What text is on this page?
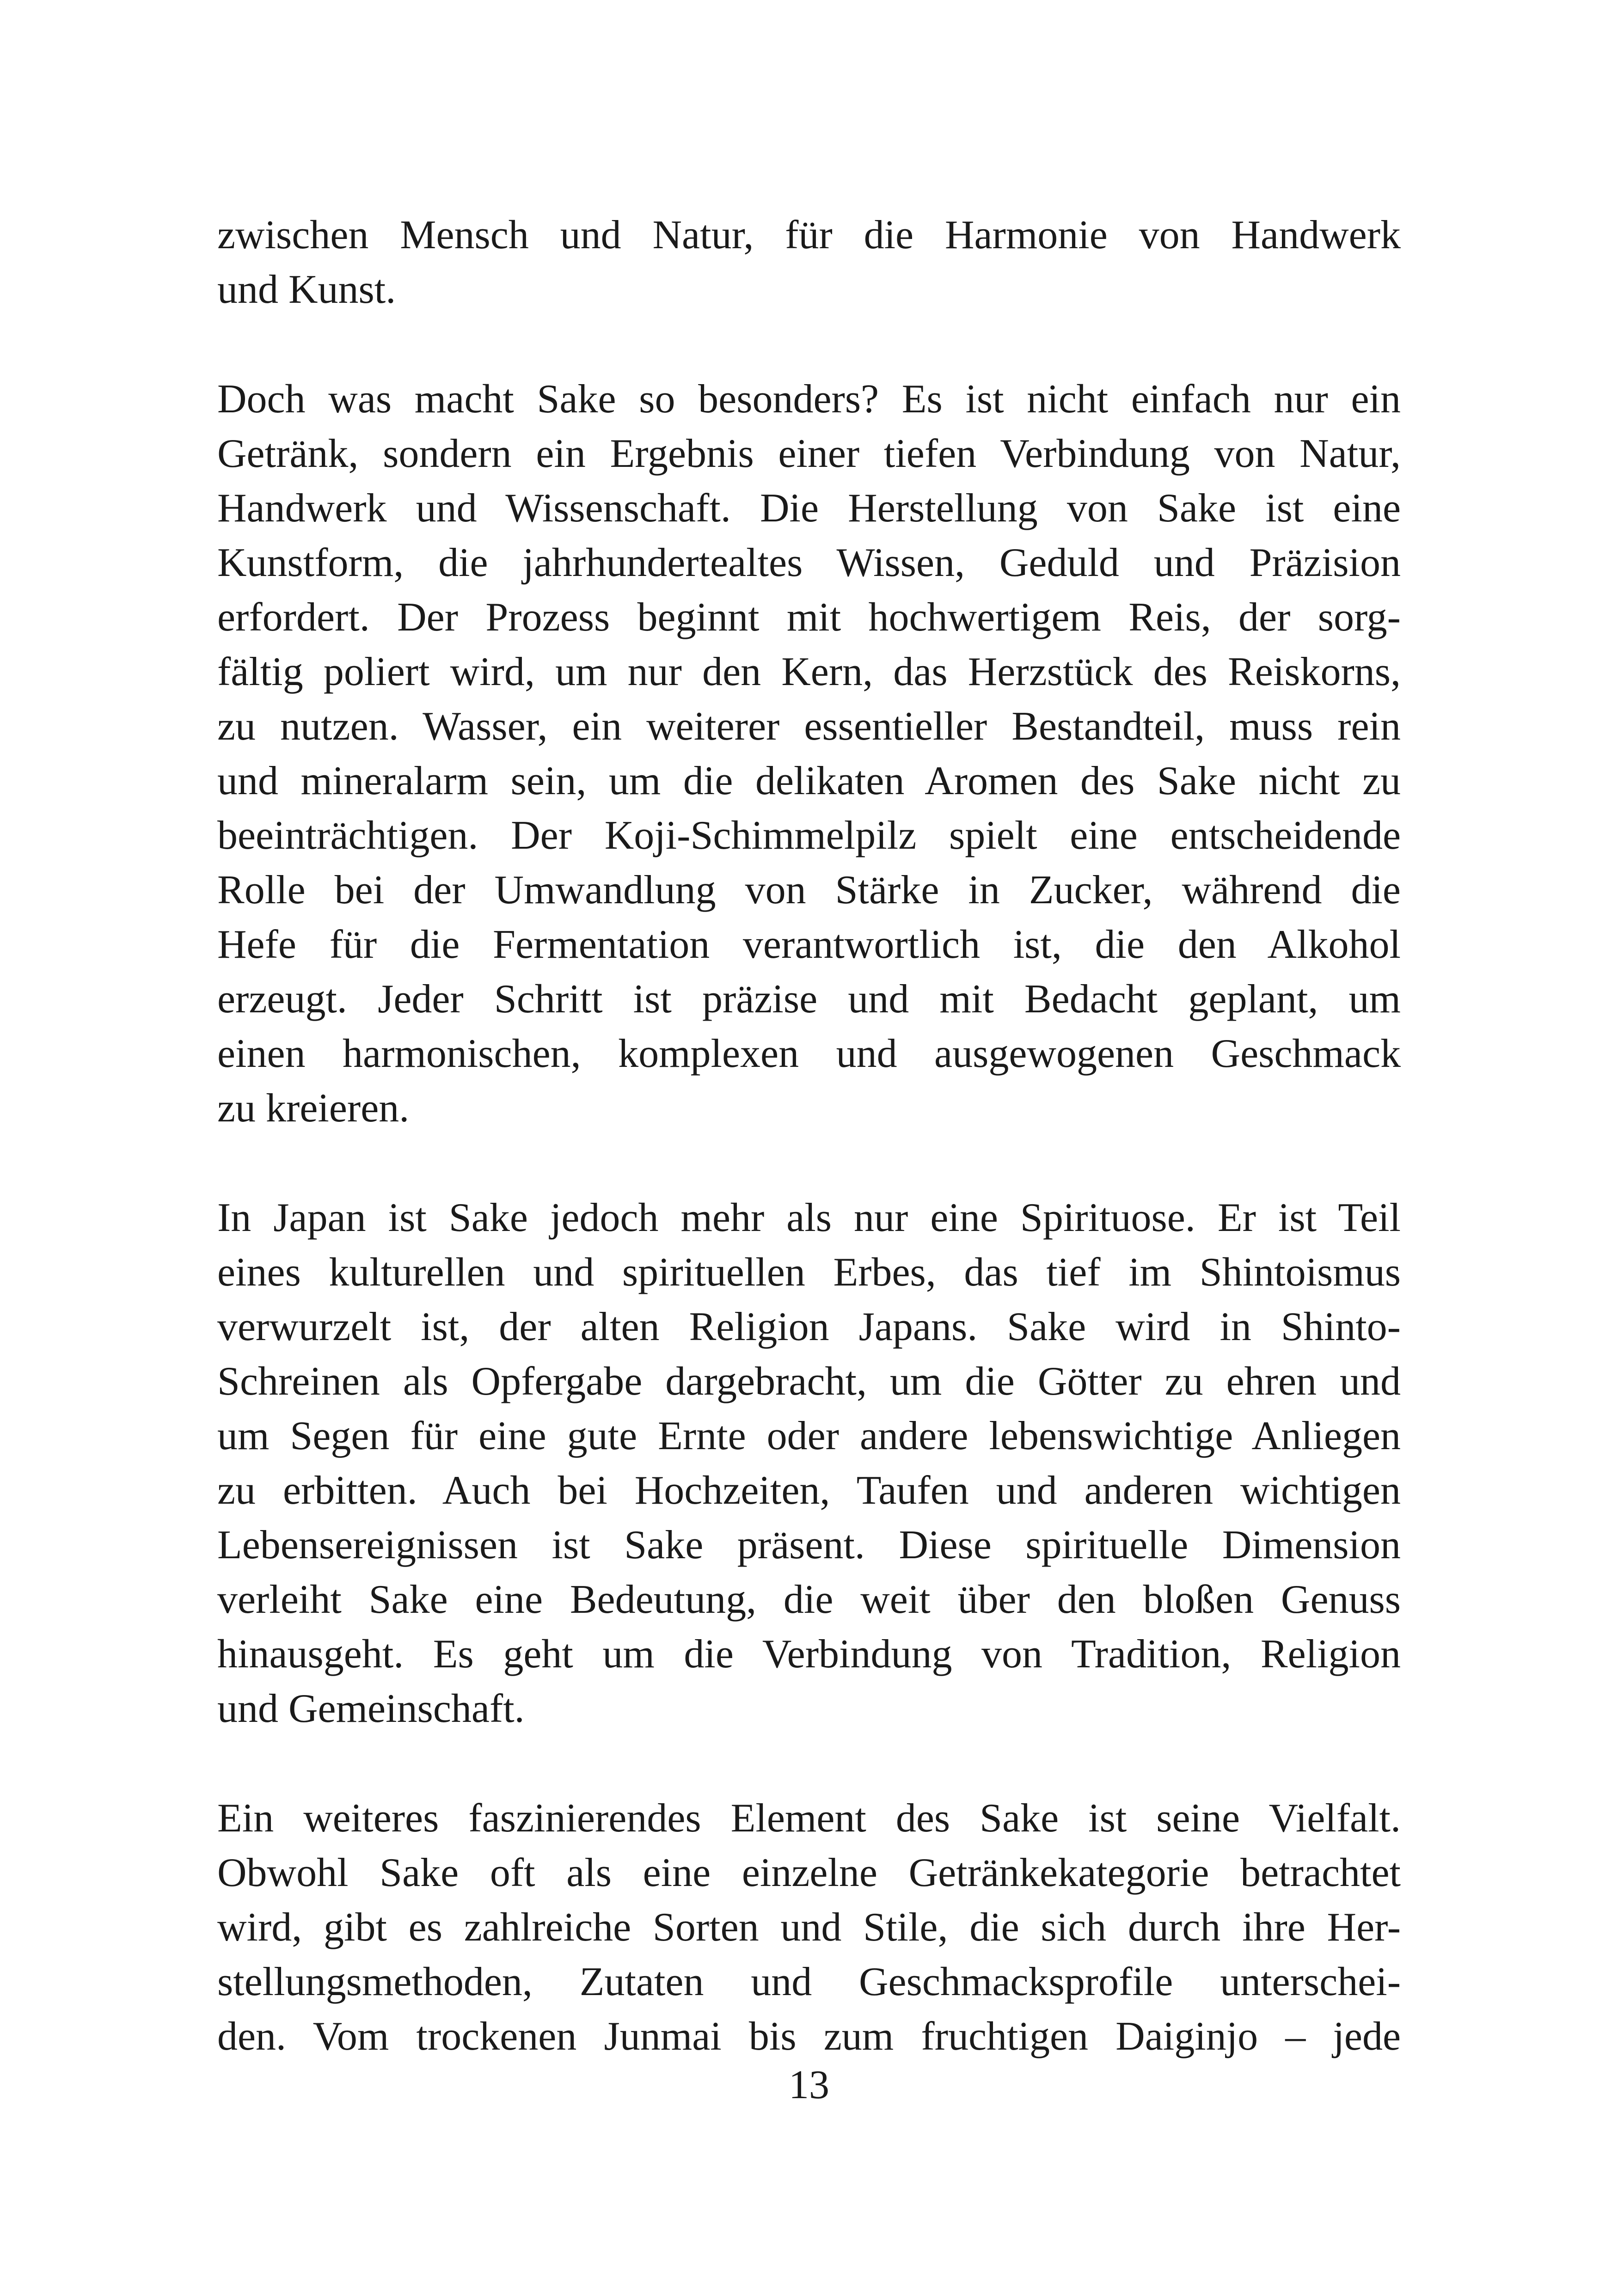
zwischen Mensch und Natur, für die Harmonie von Handwerk
und Kunst.
Doch was macht Sake so besonders? Es ist nicht einfach nur ein
Getränk, sondern ein Ergebnis einer tiefen Verbindung von Natur,
Handwerk und Wissenschaft. Die Herstellung von Sake ist eine
Kunstform, die jahrhundertealtes Wissen, Geduld und Präzision
erfordert. Der Prozess beginnt mit hochwertigem Reis, der sorg-
fältig poliert wird, um nur den Kern, das Herzstück des Reiskorns,
zu nutzen. Wasser, ein weiterer essentieller Bestandteil, muss rein
und mineralarm sein, um die delikaten Aromen des Sake nicht zu
beeinträchtigen. Der Koji-Schimmelpilz spielt eine entscheidende
Rolle bei der Umwandlung von Stärke in Zucker, während die
Hefe für die Fermentation verantwortlich ist, die den Alkohol
erzeugt. Jeder Schritt ist präzise und mit Bedacht geplant, um
einen harmonischen, komplexen und ausgewogenen Geschmack
zu kreieren.
In Japan ist Sake jedoch mehr als nur eine Spirituose. Er ist Teil
eines kulturellen und spirituellen Erbes, das tief im Shintoismus
verwurzelt ist, der alten Religion Japans. Sake wird in Shinto-
Schreinen als Opfergabe dargebracht, um die Götter zu ehren und
um Segen für eine gute Ernte oder andere lebenswichtige Anliegen
zu erbitten. Auch bei Hochzeiten, Taufen und anderen wichtigen
Lebensereignissen ist Sake präsent. Diese spirituelle Dimension
verleiht Sake eine Bedeutung, die weit über den bloßen Genuss
hinausgeht. Es geht um die Verbindung von Tradition, Religion
und Gemeinschaft.
Ein weiteres faszinierendes Element des Sake ist seine Vielfalt.
Obwohl Sake oft als eine einzelne Getränkekategorie betrachtet
wird, gibt es zahlreiche Sorten und Stile, die sich durch ihre Her-
stellungsmethoden, Zutaten und Geschmacksprofile unterschei-
den. Vom trockenen Junmai bis zum fruchtigen Daiginjo – jede
13
